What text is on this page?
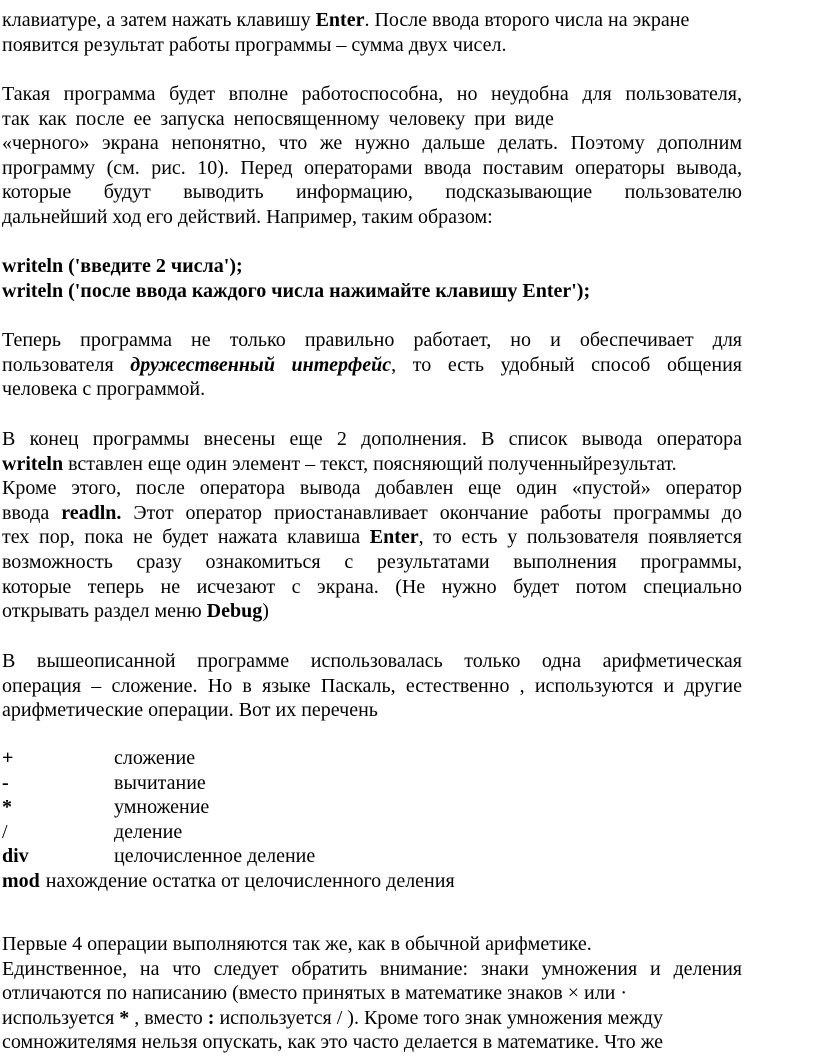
клавиатуре, а затем нажать клавишу Enter. После ввода второго числа на экране
появится результат работы программы – сумма двух чисел.
Такая программа будет вполне работоспособна, но неудобна для пользователя,
так как после ее запуска непосвященному человеку при виде
«черного» экрана непонятно, что же нужно дальше делать. Поэтому дополним
программу (см. рис. 10). Перед операторами ввода поставим операторы вывода,
которые будут выводить информацию, подсказывающие пользователю
дальнейший ход его действий. Например, таким образом:
writeln ('введите 2 числа');
writeln ('после ввода каждого числа нажимайте клавишу Enter');
Теперь программа не только правильно работает, но и обеспечивает для
пользователя дружественный интерфейс, то есть удобный способ общения
человека с программой.
В конец программы внесены еще 2 дополнения. В список вывода оператора
writeln вставлен еще один элемент – текст, поясняющий полученныйрезультат.
Кроме этого, после оператора вывода добавлен еще один «пустой» оператор
ввода readln. Этот оператор приостанавливает окончание работы программы до
тех пор, пока не будет нажата клавиша Enter, то есть у пользователя появляется
возможность сразу ознакомиться с результатами выполнения программы,
которые теперь не исчезают с экрана. (Не нужно будет потом специально
открывать раздел меню Debug)
В вышеописанной программе использовалась только одна арифметическая
операция – сложение. Но в языке Паскаль, естественно , используются и другие
арифметические операции. Вот их перечень
+	сложение
-	вычитание
*	умножение
/	деление
div	целочисленное деление
mod нахождение остатка от целочисленного деления
Первые 4 операции выполняются так же, как в обычной арифметике.
Единственное, на что следует обратить внимание: знаки умножения и деления
отличаются по написанию (вместо принятых в математике знаков × или ·
используется * , вместо : используется / ). Кроме того знак умножения между
сомножителямя нельзя опускать, как это часто делается в математике. Что же
